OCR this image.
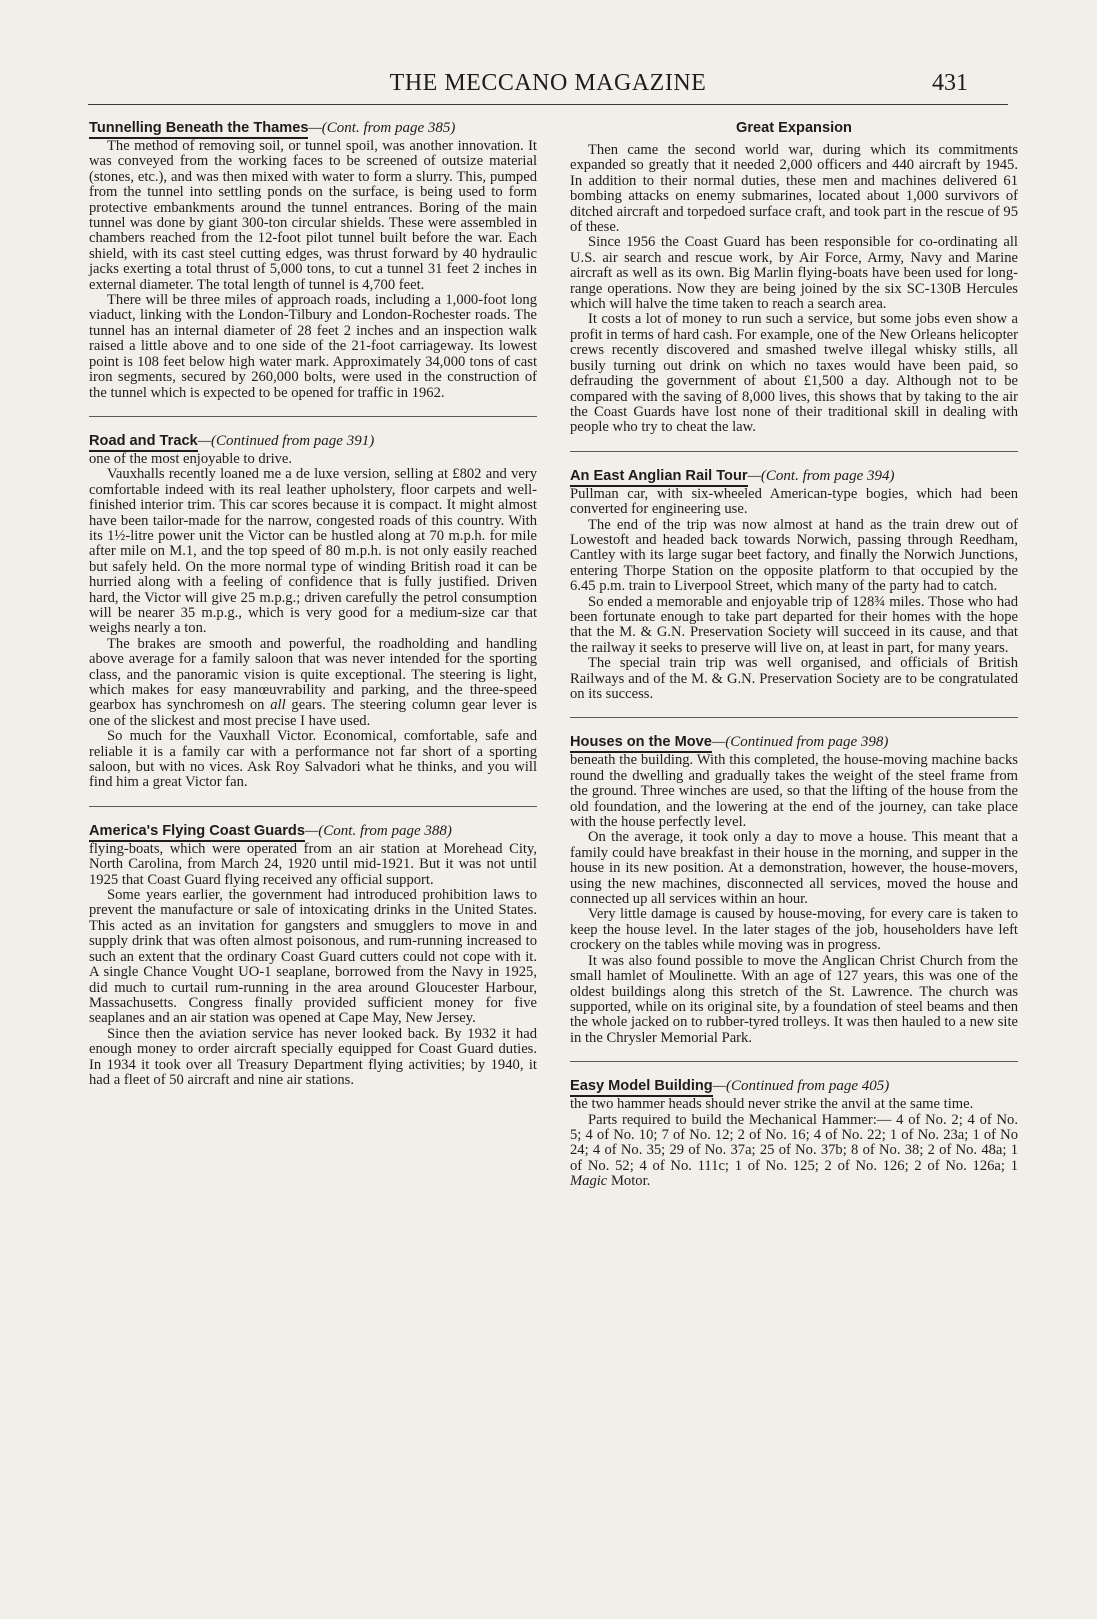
THE MECCANO MAGAZINE	431
Tunnelling Beneath the Thames—(Cont. from page 385)

The method of removing soil, or tunnel spoil, was another innovation. It was conveyed from the working faces to be screened of outsize material (stones, etc.), and was then mixed with water to form a slurry. This, pumped from the tunnel into settling ponds on the surface, is being used to form protective embankments around the tunnel entrances. Boring of the main tunnel was done by giant 300-ton circular shields. These were assembled in chambers reached from the 12-foot pilot tunnel built before the war. Each shield, with its cast steel cutting edges, was thrust forward by 40 hydraulic jacks exerting a total thrust of 5,000 tons, to cut a tunnel 31 feet 2 inches in external diameter. The total length of tunnel is 4,700 feet.

There will be three miles of approach roads, including a 1,000-foot long viaduct, linking with the London-Tilbury and London-Rochester roads. The tunnel has an internal diameter of 28 feet 2 inches and an inspection walk raised a little above and to one side of the 21-foot carriageway. Its lowest point is 108 feet below high water mark. Approximately 34,000 tons of cast iron segments, secured by 260,000 bolts, were used in the construction of the tunnel which is expected to be opened for traffic in 1962.

Road and Track—(Continued from page 391)

one of the most enjoyable to drive.

Vauxhalls recently loaned me a de luxe version, selling at £802 and very comfortable indeed with its real leather upholstery, floor carpets and well-finished interior trim. This car scores because it is compact. It might almost have been tailor-made for the narrow, congested roads of this country. With its 1½-litre power unit the Victor can be hustled along at 70 m.p.h. for mile after mile on M.1, and the top speed of 80 m.p.h. is not only easily reached but safely held. On the more normal type of winding British road it can be hurried along with a feeling of confidence that is fully justified. Driven hard, the Victor will give 25 m.p.g.; driven carefully the petrol consumption will be nearer 35 m.p.g., which is very good for a medium-size car that weighs nearly a ton.

The brakes are smooth and powerful, the roadholding and handling above average for a family saloon that was never intended for the sporting class, and the panoramic vision is quite exceptional. The steering is light, which makes for easy manœuvrability and parking, and the three-speed gearbox has synchromesh on all gears. The steering column gear lever is one of the slickest and most precise I have used.

So much for the Vauxhall Victor. Economical, comfortable, safe and reliable it is a family car with a performance not far short of a sporting saloon, but with no vices. Ask Roy Salvadori what he thinks, and you will find him a great Victor fan.

America's Flying Coast Guards—(Cont. from page 388)

flying-boats, which were operated from an air station at Morehead City, North Carolina, from March 24, 1920 until mid-1921. But it was not until 1925 that Coast Guard flying received any official support.

Some years earlier, the government had introduced prohibition laws to prevent the manufacture or sale of intoxicating drinks in the United States. This acted as an invitation for gangsters and smugglers to move in and supply drink that was often almost poisonous, and rum-running increased to such an extent that the ordinary Coast Guard cutters could not cope with it. A single Chance Vought UO-1 seaplane, borrowed from the Navy in 1925, did much to curtail rum-running in the area around Gloucester Harbour, Massachusetts. Congress finally provided sufficient money for five seaplanes and an air station was opened at Cape May, New Jersey.

Since then the aviation service has never looked back. By 1932 it had enough money to order aircraft specially equipped for Coast Guard duties. In 1934 it took over all Treasury Department flying activities; by 1940, it had a fleet of 50 aircraft and nine air stations.

Great Expansion

Then came the second world war, during which its commitments expanded so greatly that it needed 2,000 officers and 440 aircraft by 1945. In addition to their normal duties, these men and machines delivered 61 bombing attacks on enemy submarines, located about 1,000 survivors of ditched aircraft and torpedoed surface craft, and took part in the rescue of 95 of these.

Since 1956 the Coast Guard has been responsible for co-ordinating all U.S. air search and rescue work, by Air Force, Army, Navy and Marine aircraft as well as its own. Big Marlin flying-boats have been used for long-range operations. Now they are being joined by the six SC-130B Hercules which will halve the time taken to reach a search area.

It costs a lot of money to run such a service, but some jobs even show a profit in terms of hard cash. For example, one of the New Orleans helicopter crews recently discovered and smashed twelve illegal whisky stills, all busily turning out drink on which no taxes would have been paid, so defrauding the government of about £1,500 a day. Although not to be compared with the saving of 8,000 lives, this shows that by taking to the air the Coast Guards have lost none of their traditional skill in dealing with people who try to cheat the law.

An East Anglian Rail Tour—(Cont. from page 394)

Pullman car, with six-wheeled American-type bogies, which had been converted for engineering use.

The end of the trip was now almost at hand as the train drew out of Lowestoft and headed back towards Norwich, passing through Reedham, Cantley with its large sugar beet factory, and finally the Norwich Junctions, entering Thorpe Station on the opposite platform to that occupied by the 6.45 p.m. train to Liverpool Street, which many of the party had to catch.

So ended a memorable and enjoyable trip of 128¾ miles. Those who had been fortunate enough to take part departed for their homes with the hope that the M. & G.N. Preservation Society will succeed in its cause, and that the railway it seeks to preserve will live on, at least in part, for many years.

The special train trip was well organised, and officials of British Railways and of the M. & G.N. Preservation Society are to be congratulated on its success.

Houses on the Move—(Continued from page 398)

beneath the building. With this completed, the house-moving machine backs round the dwelling and gradually takes the weight of the steel frame from the ground. Three winches are used, so that the lifting of the house from the old foundation, and the lowering at the end of the journey, can take place with the house perfectly level.

On the average, it took only a day to move a house. This meant that a family could have breakfast in their house in the morning, and supper in the house in its new position. At a demonstration, however, the house-movers, using the new machines, disconnected all services, moved the house and connected up all services within an hour.

Very little damage is caused by house-moving, for every care is taken to keep the house level. In the later stages of the job, householders have left crockery on the tables while moving was in progress.

It was also found possible to move the Anglican Christ Church from the small hamlet of Moulinette. With an age of 127 years, this was one of the oldest buildings along this stretch of the St. Lawrence. The church was supported, while on its original site, by a foundation of steel beams and then the whole jacked on to rubber-tyred trolleys. It was then hauled to a new site in the Chrysler Memorial Park.

Easy Model Building—(Continued from page 405)

the two hammer heads should never strike the anvil at the same time.

Parts required to build the Mechanical Hammer:— 4 of No. 2; 4 of No. 5; 4 of No. 10; 7 of No. 12; 2 of No. 16; 4 of No. 22; 1 of No. 23a; 1 of No 24; 4 of No. 35; 29 of No. 37a; 25 of No. 37b; 8 of No. 38; 2 of No. 48a; 1 of No. 52; 4 of No. 111c; 1 of No. 125; 2 of No. 126; 2 of No. 126a; 1 Magic Motor.
